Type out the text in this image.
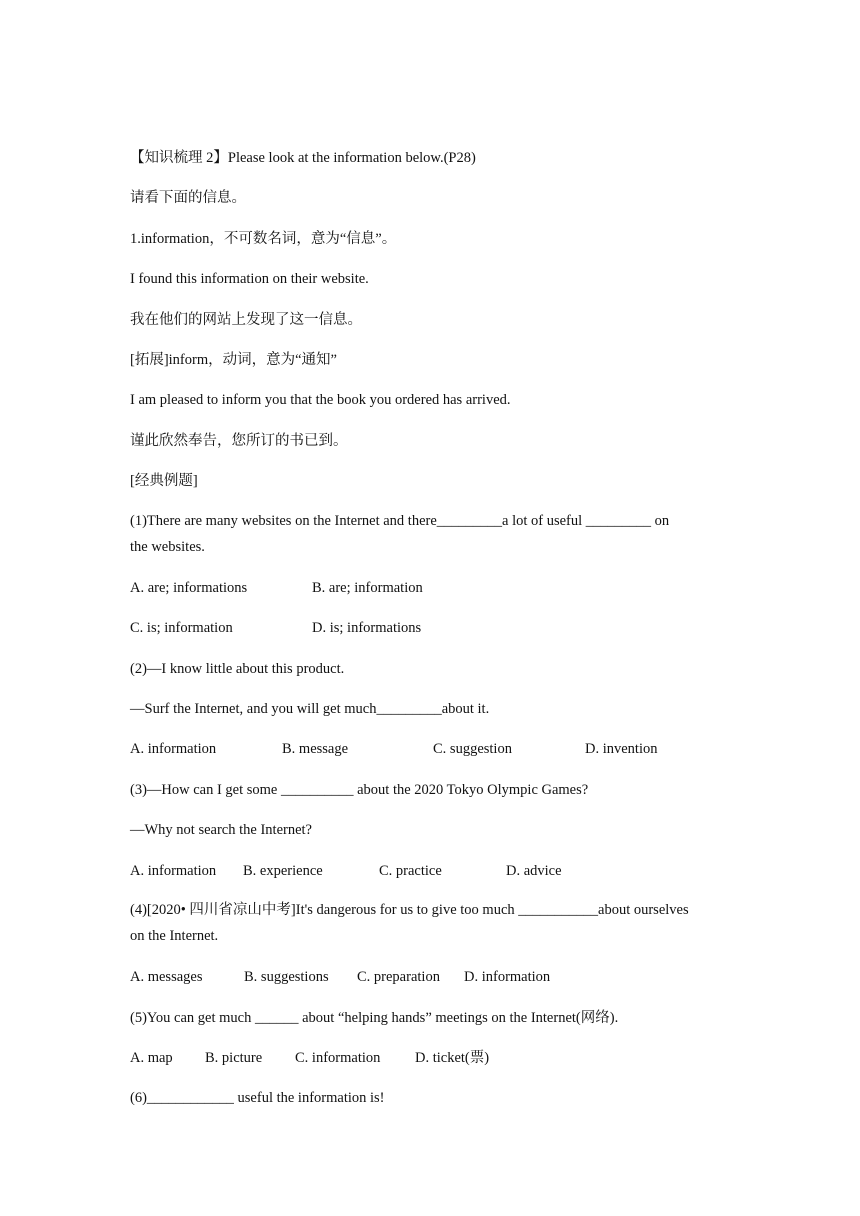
【知识梳理 2】Please look at the information below.(P28)
请看下面的信息。
1.information，不可数名词，意为“信息”。
I found this information on their website.
我在他们的网站上发现了这一信息。
[拓展]inform，动词，意为“通知”
I am pleased to inform you that the book you ordered has arrived.
谨此欣然奉告，您所订的书已到。
[经典例题]
(1)There are many websites on the Internet and there_________a lot of useful _________ on the websites.
A. are; informations	B. are; information
C. is; information	D. is; informations
(2)—I know little about this product.
—Surf the Internet, and you will get much_________about it.
A. information	B. message	C. suggestion	D. invention
(3)—How can I get some __________ about the 2020 Tokyo Olympic Games?
—Why not search the Internet?
A. information B. experience	C. practice	D. advice
(4)[2020• 四川省凉山中考]It's dangerous for us to give too much ___________about ourselves on the Internet.
A. messages	B. suggestions C. preparation D. information
(5)You can get much ______ about “helping hands” meetings on the Internet(网络).
A. map B. picture C. information D. ticket(票)
(6)____________ useful the information is!
